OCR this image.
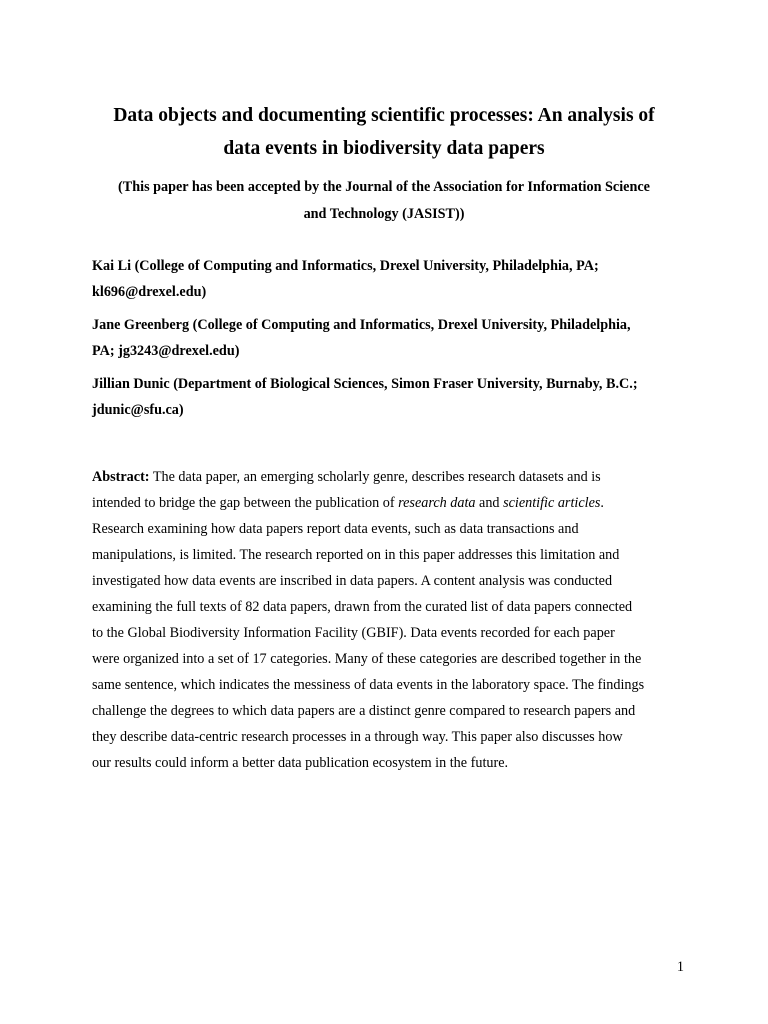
Data objects and documenting scientific processes: An analysis of
data events in biodiversity data papers

(This paper has been accepted by the Journal of the Association for Information Science
and Technology (JASIST))

Kai Li (College of Computing and Informatics, Drexel University, Philadelphia, PA;
kl696@drexel.edu)

Jane Greenberg (College of Computing and Informatics, Drexel University, Philadelphia,
PA; jg3243@drexel.edu)

Jillian Dunic (Department of Biological Sciences, Simon Fraser University, Burnaby, B.C.;
jdunic@sfu.ca)

Abstract: The data paper, an emerging scholarly genre, describes research datasets and is
intended to bridge the gap between the publication of research data and scientific articles.
Research examining how data papers report data events, such as data transactions and
manipulations, is limited. The research reported on in this paper addresses this limitation and
investigated how data events are inscribed in data papers. A content analysis was conducted
examining the full texts of 82 data papers, drawn from the curated list of data papers connected
to the Global Biodiversity Information Facility (GBIF). Data events recorded for each paper
were organized into a set of 17 categories. Many of these categories are described together in the
same sentence, which indicates the messiness of data events in the laboratory space. The findings
challenge the degrees to which data papers are a distinct genre compared to research papers and
they describe data-centric research processes in a through way. This paper also discusses how
our results could inform a better data publication ecosystem in the future.
1
